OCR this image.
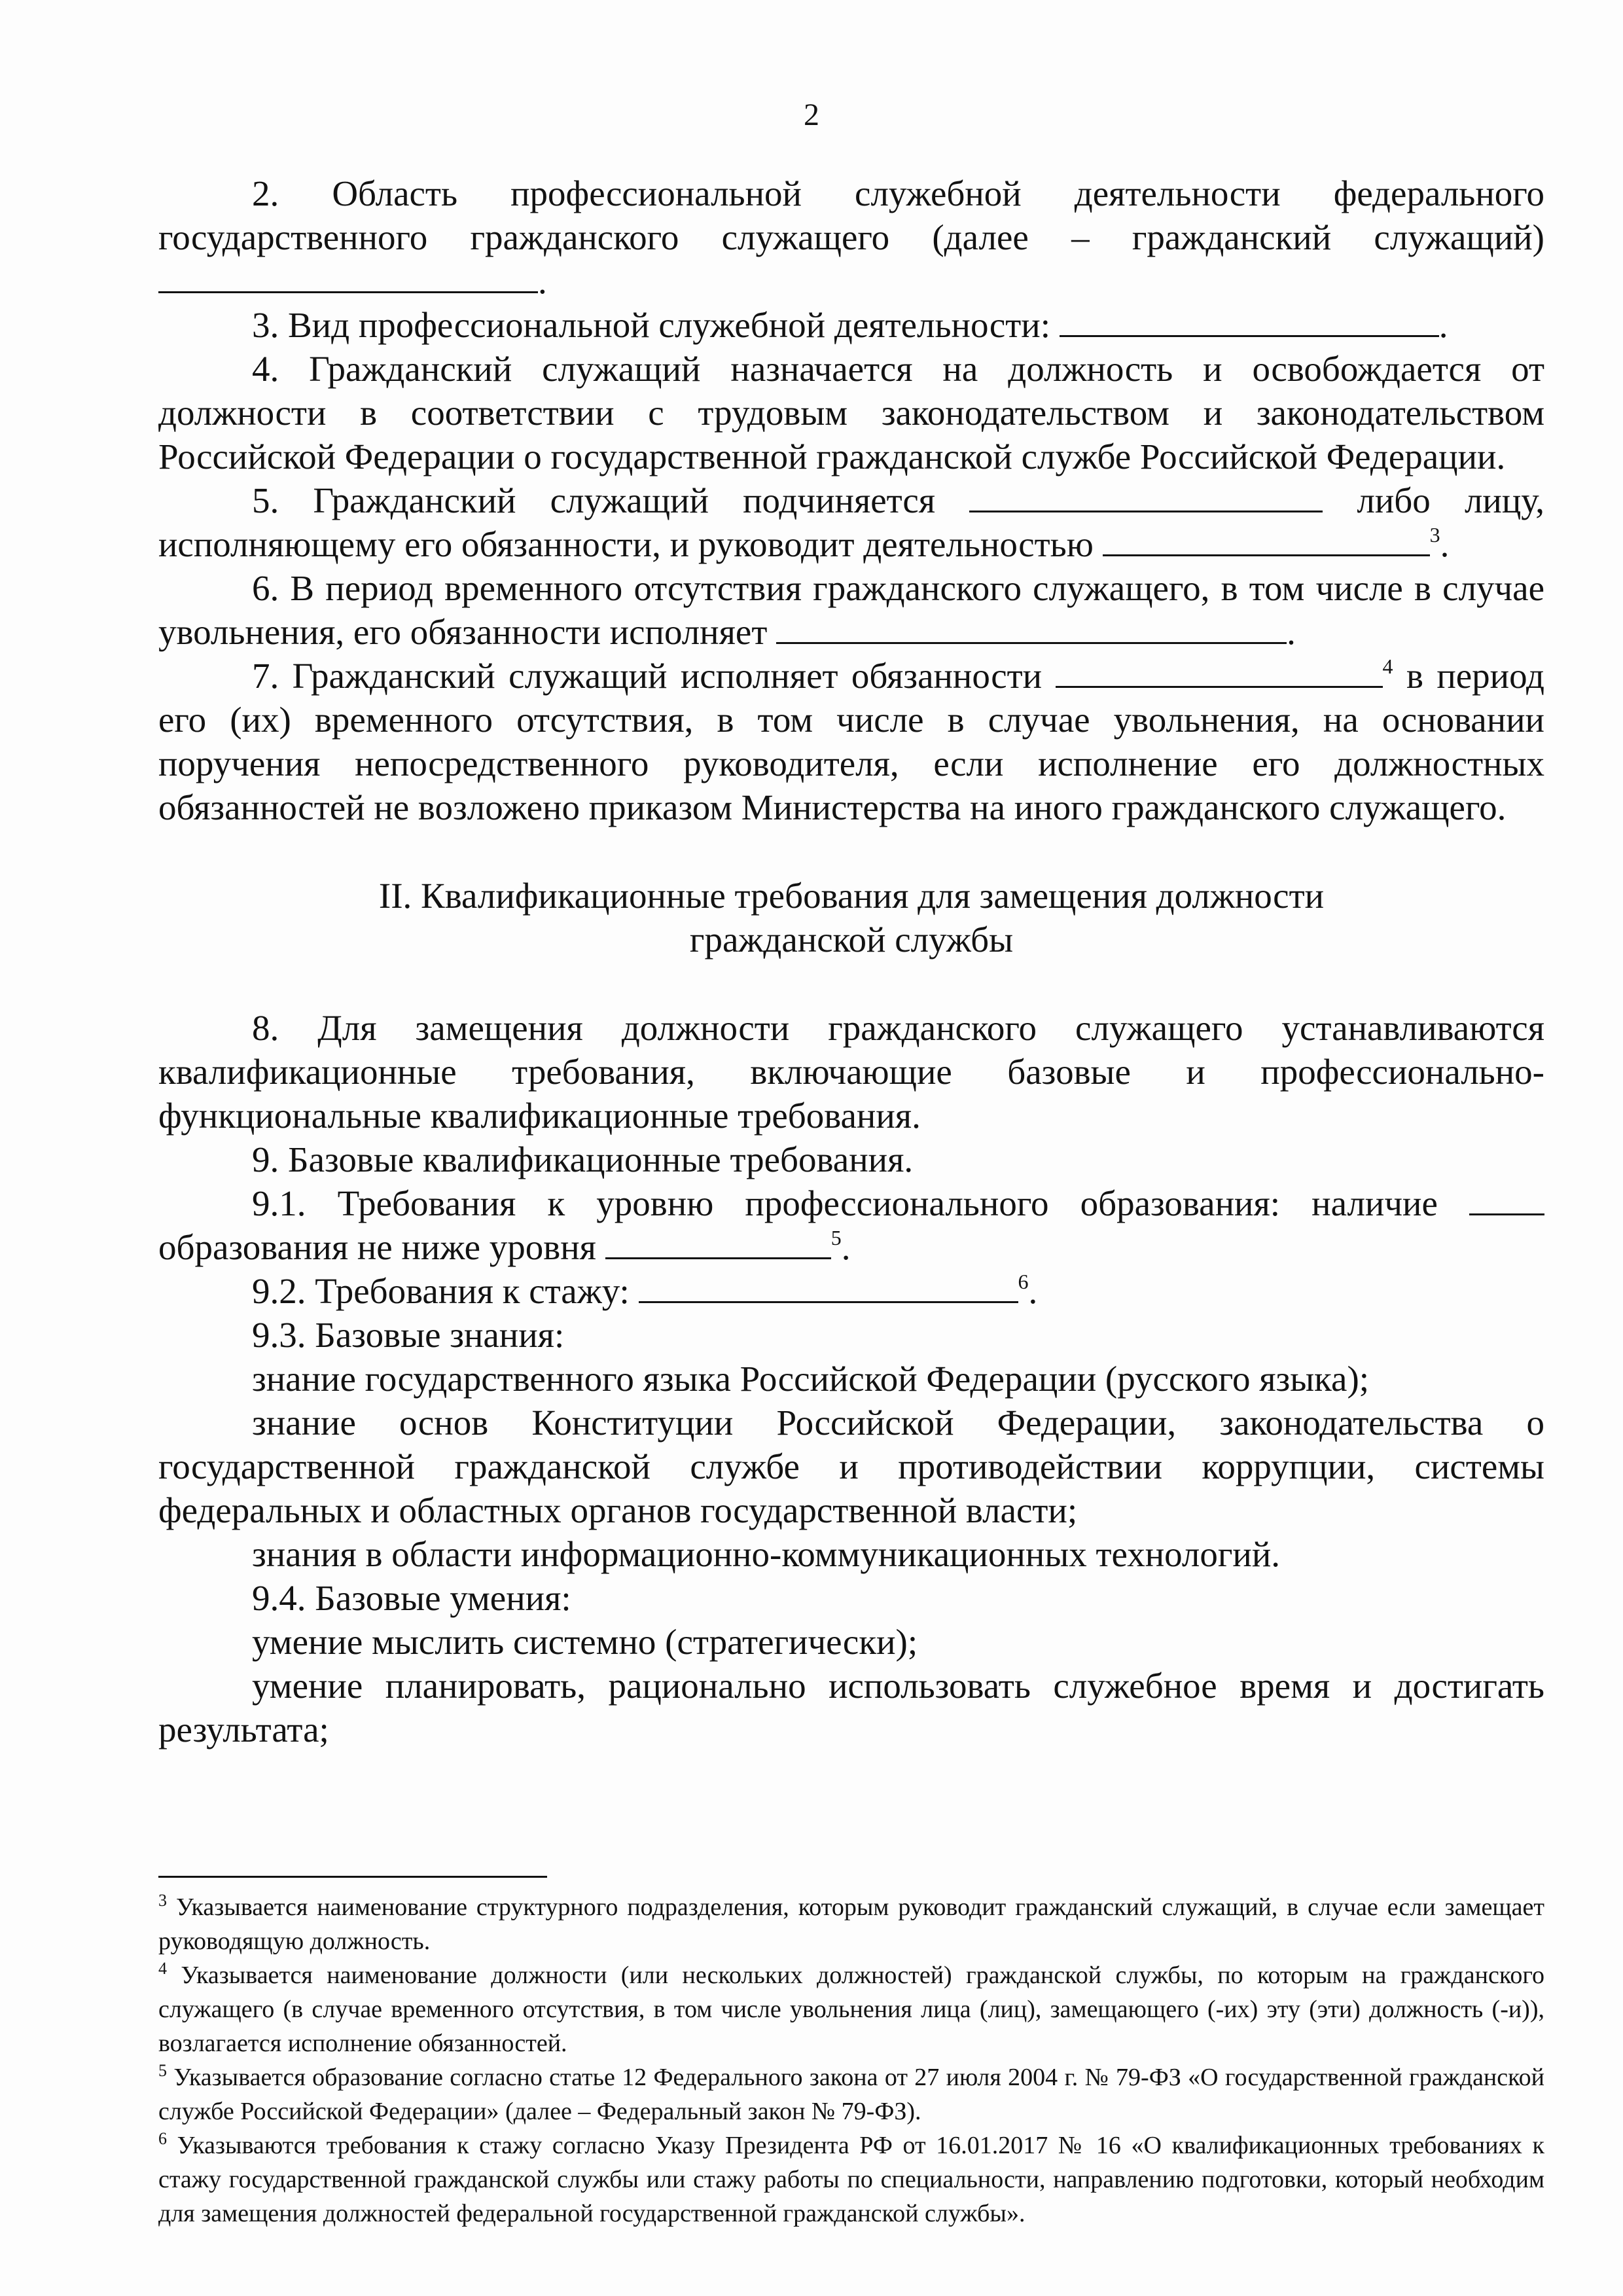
2

2. Область профессиональной служебной деятельности федерального государственного гражданского служащего (далее – гражданский служащий) .

3. Вид профессиональной служебной деятельности:	.

4. Гражданский служащий назначается на должность и освобождается от должности в соответствии с трудовым законодательством и законодательством Российской Федерации о государственной гражданской службе Российской Федерации.

5. Гражданский служащий подчиняется	либо лицу, исполняющему его обязанности, и руководит деятельностью	$^3$.

6. В период временного отсутствия гражданского служащего, в том числе в случае увольнения, его обязанности исполняет	.

7. Гражданский служащий исполняет обязанности	$^4$ в период его (их) временного отсутствия, в том числе в случае увольнения, на основании поручения непосредственного руководителя, если исполнение его должностных обязанностей не возложено приказом Министерства на иного гражданского служащего.

II. Квалификационные требования для замещения должности
гражданской службы

8. Для замещения должности гражданского служащего устанавливаются квалификационные требования, включающие базовые и профессионально-функциональные квалификационные требования.

9. Базовые квалификационные требования.

9.1. Требования к уровню профессионального образования: наличие  образования не ниже уровня	$^5$.

9.2. Требования к стажу:	$^6$.

9.3. Базовые знания:

знание государственного языка Российской Федерации (русского языка);

знание основ Конституции Российской Федерации, законодательства о государственной гражданской службе и противодействии коррупции, системы федеральных и областных органов государственной власти;

знания в области информационно-коммуникационных технологий.

9.4. Базовые умения:

умение мыслить системно (стратегически);

умение планировать, рационально использовать служебное время и достигать результата;

$^3$ Указывается наименование структурного подразделения, которым руководит гражданский служащий, в случае если замещает руководящую должность.

$^4$ Указывается наименование должности (или нескольких должностей) гражданской службы, по которым на гражданского служащего (в случае временного отсутствия, в том числе увольнения лица (лиц), замещающего (-их) эту (эти) должность (-и)), возлагается исполнение обязанностей.

$^5$ Указывается образование согласно статье 12 Федерального закона от 27 июля 2004 г. № 79-ФЗ «О государственной гражданской службе Российской Федерации» (далее – Федеральный закон № 79-ФЗ).

$^6$ Указываются требования к стажу согласно Указу Президента РФ от 16.01.2017 № 16 «О квалификационных требованиях к стажу государственной гражданской службы или стажу работы по специальности, направлению подготовки, который необходим для замещения должностей федеральной государственной гражданской службы».
